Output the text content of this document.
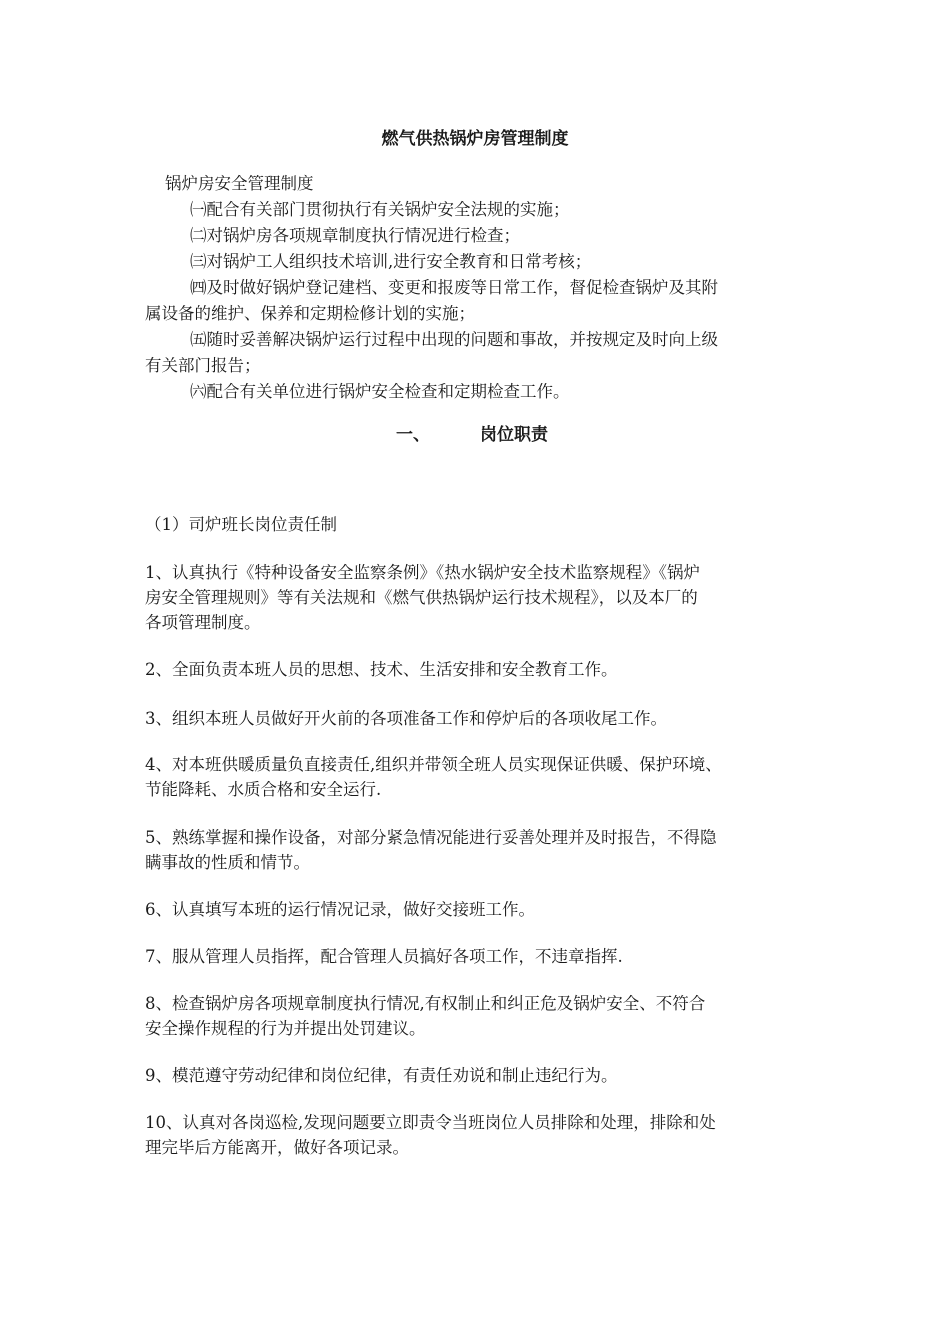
燃气供热锅炉房管理制度
锅炉房安全管理制度
㈠配合有关部门贯彻执行有关锅炉安全法规的实施；
㈡对锅炉房各项规章制度执行情况进行检查；
㈢对锅炉工人组织技术培训,进行安全教育和日常考核；
㈣及时做好锅炉登记建档、变更和报废等日常工作，督促检查锅炉及其附
属设备的维护、保养和定期检修计划的实施；
㈤随时妥善解决锅炉运行过程中出现的问题和事故，并按规定及时向上级
有关部门报告；
㈥配合有关单位进行锅炉安全检查和定期检查工作。
一、	岗位职责
（1）司炉班长岗位责任制
1、认真执行《特种设备安全监察条例》《热水锅炉安全技术监察规程》《锅炉
房安全管理规则》等有关法规和《燃气供热锅炉运行技术规程》，以及本厂的
各项管理制度。
2、全面负责本班人员的思想、技术、生活安排和安全教育工作。
3、组织本班人员做好开火前的各项准备工作和停炉后的各项收尾工作。
4、对本班供暖质量负直接责任,组织并带领全班人员实现保证供暖、保护环境、
节能降耗、水质合格和安全运行.
5、熟练掌握和操作设备，对部分紧急情况能进行妥善处理并及时报告，不得隐
瞒事故的性质和情节。
6、认真填写本班的运行情况记录，做好交接班工作。
7、服从管理人员指挥，配合管理人员搞好各项工作，不违章指挥.
8、检查锅炉房各项规章制度执行情况,有权制止和纠正危及锅炉安全、不符合
安全操作规程的行为并提出处罚建议。
9、模范遵守劳动纪律和岗位纪律，有责任劝说和制止违纪行为。
10、认真对各岗巡检,发现问题要立即责令当班岗位人员排除和处理，排除和处
理完毕后方能离开，做好各项记录。
